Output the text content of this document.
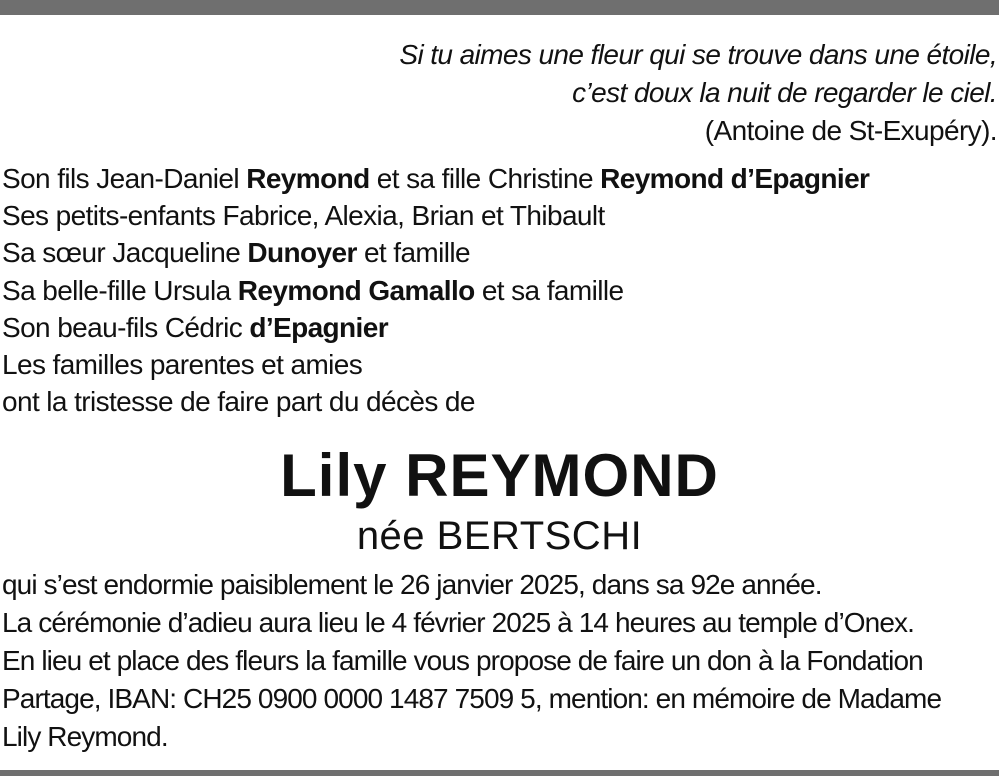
Si tu aimes une fleur qui se trouve dans une étoile,
c’est doux la nuit de regarder le ciel.
(Antoine de St-Exupéry).
Son fils Jean-Daniel Reymond et sa fille Christine Reymond d’Epagnier
Ses petits-enfants Fabrice, Alexia, Brian et Thibault
Sa sœur Jacqueline Dunoyer et famille
Sa belle-fille Ursula Reymond Gamallo et sa famille
Son beau-fils Cédric d’Epagnier
Les familles parentes et amies
ont la tristesse de faire part du décès de
Lily REYMOND
née BERTSCHI
qui s’est endormie paisiblement le 26 janvier 2025, dans sa 92e année.
La cérémonie d’adieu aura lieu le 4 février 2025 à 14 heures au temple d’Onex.
En lieu et place des fleurs la famille vous propose de faire un don à la Fondation
Partage, IBAN: CH25 0900 0000 1487 7509 5, mention: en mémoire de Madame
Lily Reymond.
